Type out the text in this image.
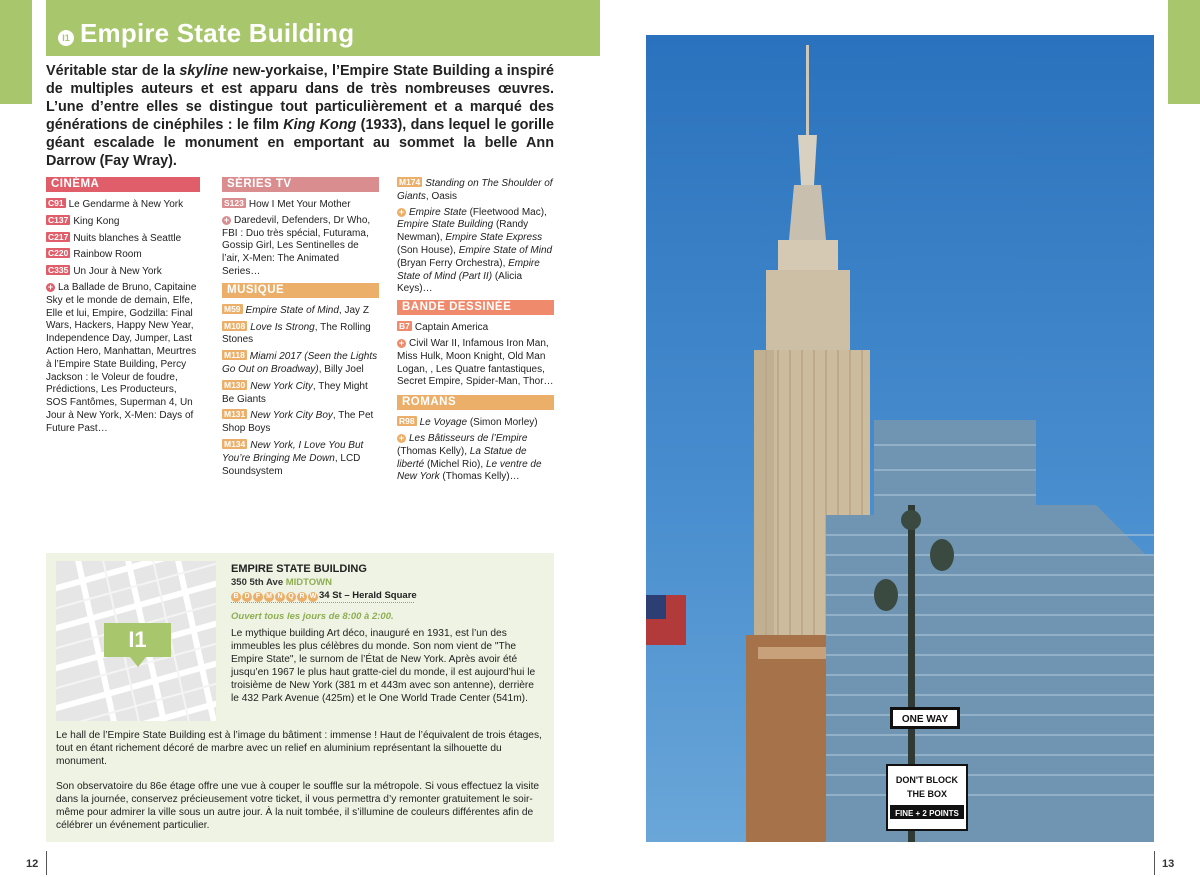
I1 Empire State Building
Véritable star de la skyline new-yorkaise, l’Empire State Building a inspiré de multiples auteurs et est apparu dans de très nombreuses œuvres. L’une d’entre elles se distingue tout particulièrement et a marqué des générations de cinéphiles : le film King Kong (1933), dans lequel le gorille géant escalade le monument en emportant au sommet la belle Ann Darrow (Fay Wray).
CINÉMA
C91 Le Gendarme à New York
C137 King Kong
C217 Nuits blanches à Seattle
C220 Rainbow Room
C335 Un Jour à New York
+ La Ballade de Bruno, Capitaine Sky et le monde de demain, Elfe, Elle et lui, Empire, Godzilla: Final Wars, Hackers, Happy New Year, Independence Day, Jumper, Last Action Hero, Manhattan, Meurtres à l’Empire State Building, Percy Jackson : le Voleur de foudre, Prédictions, Les Producteurs, SOS Fantômes, Superman 4, Un Jour à New York, X-Men: Days of Future Past…
SÉRIES TV
S123 How I Met Your Mother
+ Daredevil, Defenders, Dr Who, FBI : Duo très spécial, Futurama, Gossip Girl, Les Sentinelles de l’air, X-Men: The Animated Series…
MUSIQUE
M59 Empire State of Mind, Jay Z
M108 Love Is Strong, The Rolling Stones
M118 Miami 2017 (Seen the Lights Go Out on Broadway), Billy Joel
M130 New York City, They Might Be Giants
M131 New York City Boy, The Pet Shop Boys
M134 New York, I Love You But You’re Bringing Me Down, LCD Soundsystem
M174 Standing on The Shoulder of Giants, Oasis
+ Empire State (Fleetwood Mac), Empire State Building (Randy Newman), Empire State Express (Son House), Empire State of Mind (Bryan Ferry Orchestra), Empire State of Mind (Part II) (Alicia Keys)…
BANDE DESSINÉE
B7 Captain America
+ Civil War II, Infamous Iron Man, Miss Hulk, Moon Knight, Old Man Logan, , Les Quatre fantastiques, Secret Empire, Spider-Man, Thor…
ROMANS
R98 Le Voyage (Simon Morley)
+ Les Bâtisseurs de l’Empire (Thomas Kelly), La Statue de liberté (Michel Rio), Le ventre de New York (Thomas Kelly)…
I1
EMPIRE STATE BUILDING
350 5th Ave MIDTOWN
B D F M N Q R W 34 St – Herald Square
Ouvert tous les jours de 8:00 à 2:00.
Le mythique building Art déco, inauguré en 1931, est l’un des immeubles les plus célèbres du monde. Son nom vient de "The Empire State", le surnom de l’État de New York. Après avoir été jusqu’en 1967 le plus haut gratte-ciel du monde, il est aujourd’hui le troisième de New York (381 m et 443m avec son antenne), derrière le 432 Park Avenue (425m) et le One World Trade Center (541m).
Le hall de l’Empire State Building est à l’image du bâtiment : immense ! Haut de l’équivalent de trois étages, tout en étant richement décoré de marbre avec un relief en aluminium représentant la silhouette du monument.
Son observatoire du 86e étage offre une vue à couper le souffle sur la métropole. Si vous effectuez la visite dans la journée, conservez précieusement votre ticket, il vous permettra d’y remonter gratuitement le soir-même pour admirer la ville sous un autre jour. À la nuit tombée, il s’illumine de couleurs différentes afin de célébrer un événement particulier.
ONE WAY
DON'T BLOCK
THE BOX
FINE + 2 POINTS
12	13
